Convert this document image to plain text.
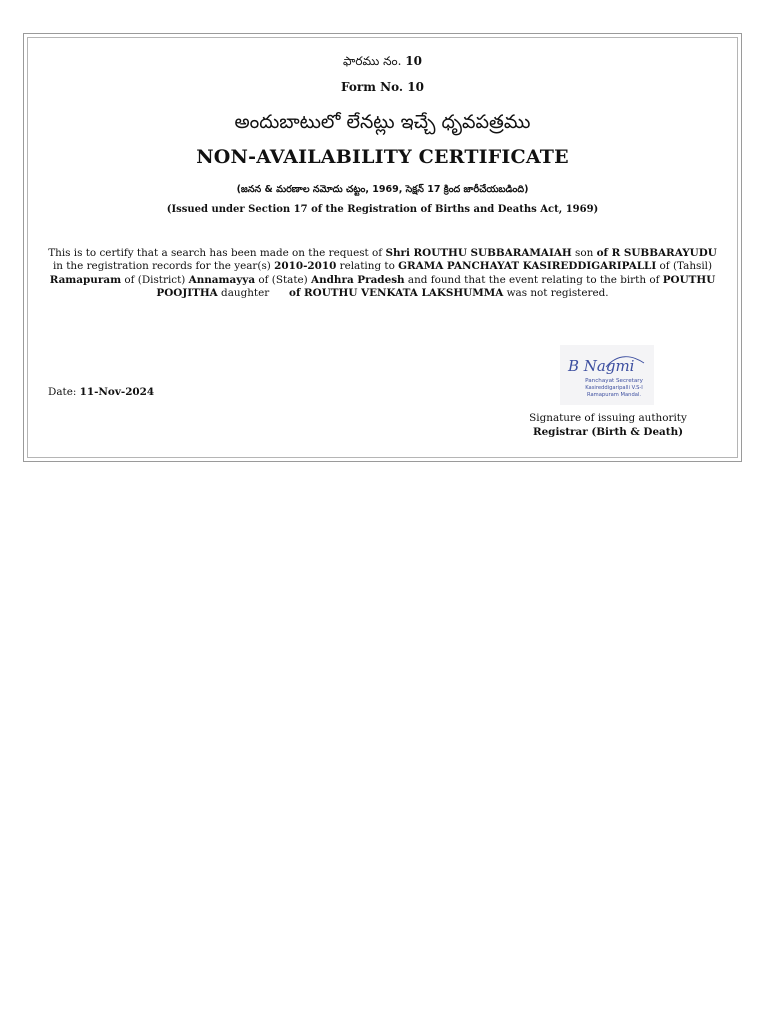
ఫారము నం. 10
Form No. 10
అందుబాటులో లేనట్లు ఇచ్చే ధృవపత్రము
NON-AVAILABILITY CERTIFICATE
(జనన & మరణాల నమోదు చట్టం, 1969, సెక్షన్ 17 క్రింద జారీచేయబడింది)
(Issued under Section 17 of the Registration of Births and Deaths Act, 1969)
This is to certify that a search has been made on the request of Shri ROUTHU SUBBARAMAIAH son of R SUBBARAYUDU in the registration records for the year(s) 2010-2010 relating to GRAMA PANCHAYAT KASIREDDIGARIPALLI of (Tahsil) Ramapuram of (District) Annamayya of (State) Andhra Pradesh and found that the event relating to the birth of POUTHU POOJITHA daughter      of ROUTHU VENKATA LAKSHUMMA was not registered.
B Nagmi
Panchayat Secretary
Kasireddigaripalli V.S-I
Ramapuram Mandal.
Date: 11-Nov-2024
Signature of issuing authority
Registrar (Birth & Death)
